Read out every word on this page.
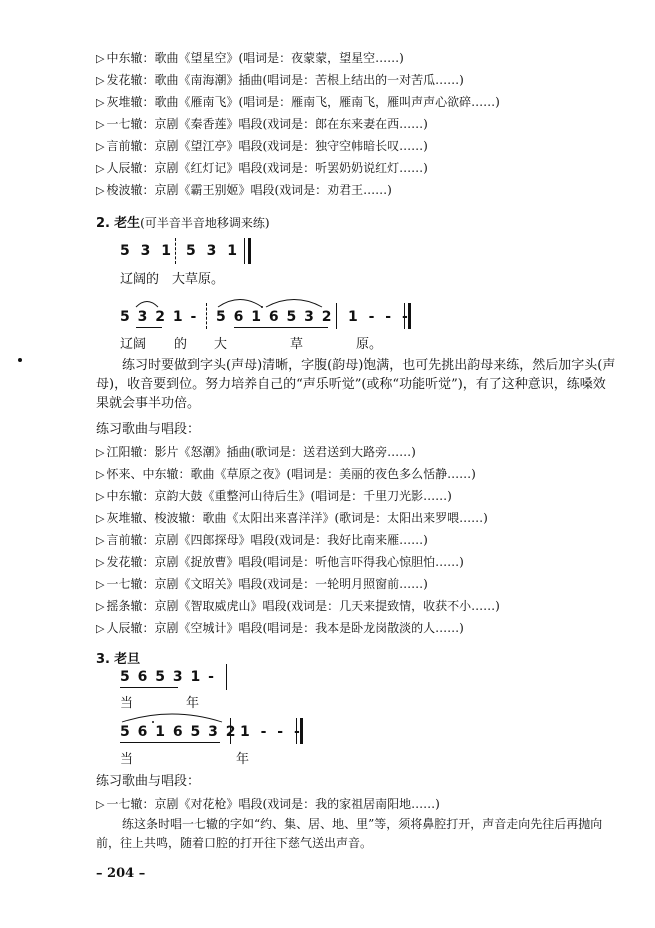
▷ 中东辙：歌曲《望星空》(唱词是：夜蒙蒙，望星空……)
▷ 发花辙：歌曲《南海潮》插曲(唱词是：苦根上结出的一对苦瓜……)
▷ 灰堆辙：歌曲《雁南飞》(唱词是：雁南飞，雁南飞，雁叫声声心欲碎……)
▷ 一七辙：京剧《秦香莲》唱段(戏词是：郎在东来妻在西……)
▷ 言前辙：京剧《望江亭》唱段(戏词是：独守空帏暗长叹……)
▷ 人辰辙：京剧《红灯记》唱段(戏词是：听罢奶奶说红灯……)
▷ 梭波辙：京剧《霸王别姬》唱段(戏词是：劝君王……)
2. 老生(可半音半音地移调来练)
5 3 1 5 3 1
辽阔的　大草原。
5 3 2 1 - 5 6 1 6 5 3 2 1 - - -
辽阔 的 大	草	原。
练习时要做到字头(声母)清晰，字腹(韵母)饱满，也可先挑出韵母来练，然后加字头(声母)，收音要到位。努力培养自己的“声乐听觉”(或称“功能听觉”)，有了这种意识，练嗓效果就会事半功倍。
练习歌曲与唱段：
▷ 江阳辙：影片《怒潮》插曲(歌词是：送君送到大路旁……)
▷ 怀来、中东辙：歌曲《草原之夜》(唱词是：美丽的夜色多么恬静……)
▷ 中东辙：京韵大鼓《重整河山待后生》(唱词是：千里刀光影……)
▷ 灰堆辙、梭波辙：歌曲《太阳出来喜洋洋》(歌词是：太阳出来罗喂……)
▷ 言前辙：京剧《四郎探母》唱段(戏词是：我好比南来雁……)
▷ 发花辙：京剧《捉放曹》唱段(唱词是：听他言吓得我心惊胆怕……)
▷ 一七辙：京剧《文昭关》唱段(戏词是：一轮明月照窗前……)
▷ 摇条辙：京剧《智取威虎山》唱段(戏词是：几天来提致情，收获不小……)
▷ 人辰辙：京剧《空城计》唱段(唱词是：我本是卧龙岗散淡的人……)
3. 老旦
5 6 5 3 1 -
当	年
5 6 1 6 5 3 2 1 - - -
当	年
练习歌曲与唱段：
▷ 一七辙：京剧《对花枪》唱段(戏词是：我的家祖居南阳地……)
练这条时唱一七辙的字如“约、集、居、地、里”等，须将鼻腔打开，声音走向先往后再抛向前，往上共鸣，随着口腔的打开往下慈气送出声音。
– 204 –
